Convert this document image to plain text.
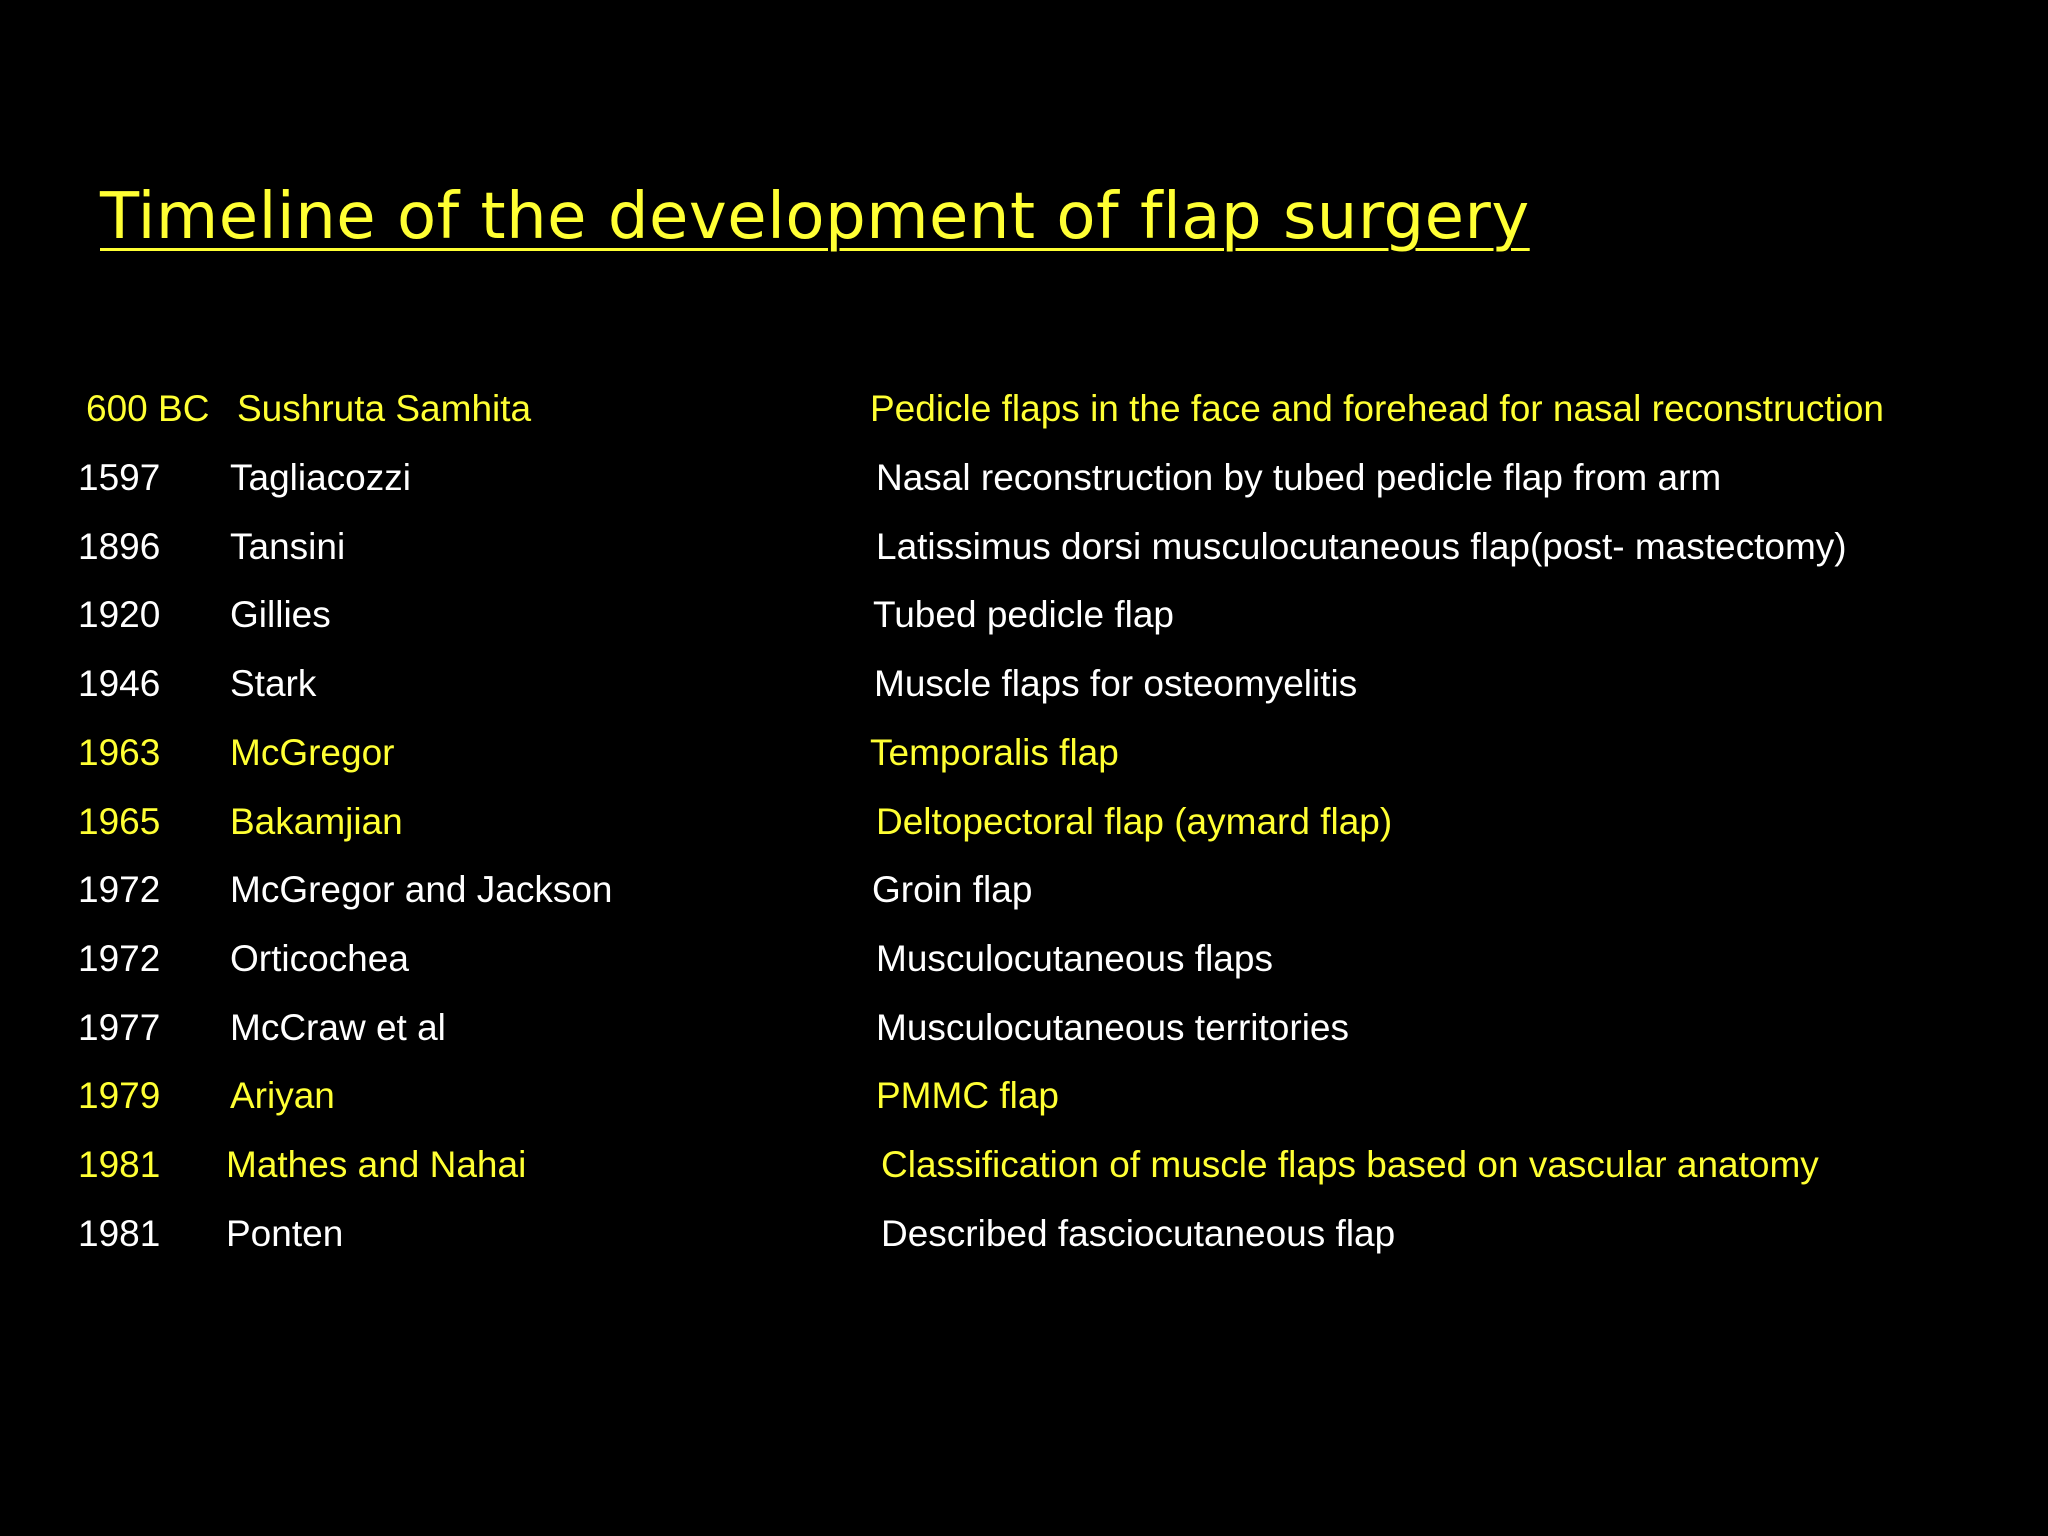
Timeline of the development of flap surgery
600 BC Sushruta Samhita	Pedicle flaps in the face and forehead for nasal reconstruction
1597 Tagliacozzi	Nasal reconstruction by tubed pedicle flap from arm
1896 Tansini	Latissimus dorsi musculocutaneous flap(post- mastectomy)
1920 Gillies	Tubed pedicle flap
1946 Stark	Muscle flaps for osteomyelitis
1963 McGregor	Temporalis flap
1965 Bakamjian	Deltopectoral flap (aymard flap)
1972 McGregor and Jackson	Groin flap
1972 Orticochea	Musculocutaneous flaps
1977 McCraw et al	Musculocutaneous territories
1979 Ariyan	PMMC flap
1981 Mathes and Nahai	Classification of muscle flaps based on vascular anatomy
1981 Ponten	Described fasciocutaneous flap
